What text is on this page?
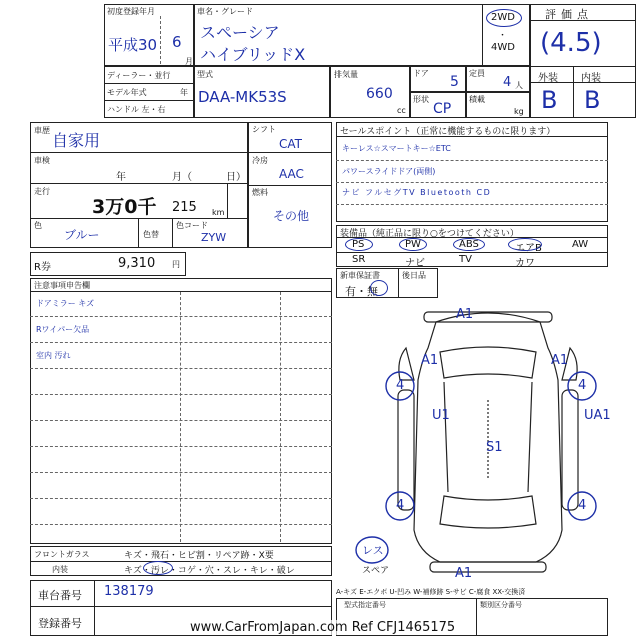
初度登録年月
平成30 6
月
車名・グレード
スペーシア
ハイブリッドX
2WD
・
4WD
評価点
(4.5)
外装 内装
B B
ディーラー・並行
モデル年式	年
ハンドル 左・右
型式
DAA-MK53S
排気量
660
cc
ドア
5
定員
4 人
形状
CP
積載
kg
車歴
自家用
車検
年	月（	日）
走行
3万0千 215 km
色
ブルー	色替
色コード
ZYW
シフト
CAT
冷房
AAC
燃料
その他
R券	9,310 円
セールスポイント（正常に機能するものに限ります）
キーレス☆スマートキー☆ETC
パワースライドドア(両側)
ナビ フルセグTV Bluetooth CD
装備品（純正品に限り○をつけてください）
PS	PW	ABS	エアB	AW
SR	ナビ	TV	カワ
新車保証書
有・無
後日品
注意事項申告欄
ドアミラー キズ
Rワイパー欠品
室内 汚れ
A1
A1	A1
4	4
U1	UA1
S1
4	4
A1
レス
スペア
フロントガラス	キズ・飛石・ヒビ割・リペア跡・X要
内装	キズ・汚レ・コゲ・穴・スレ・キレ・破レ
車台番号 138179
登録番号
A-キズ E-エクボ U-凹み W-補修跡 S-サビ C-腐食 XX-交換済
型式指定番号	類別区分番号
www.CarFromJapan.com Ref CFJ1465175
